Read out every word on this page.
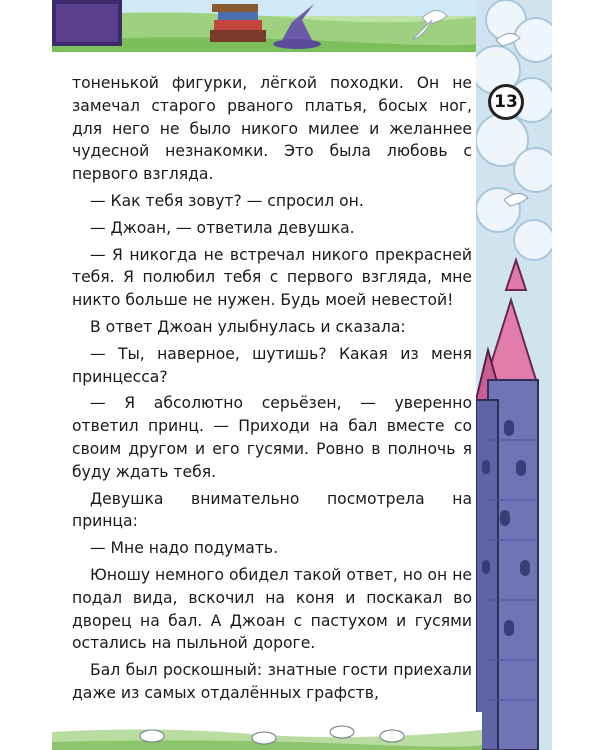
13

тоненькой фигурки, лёгкой походки. Он не замечал старого рваного платья, босых ног, для него не было никого милее и желаннее чудесной незнакомки. Это была любовь с первого взгляда.

— Как тебя зовут? — спросил он.

— Джоан, — ответила девушка.

— Я никогда не встречал никого прекрасней тебя. Я полюбил тебя с первого взгляда, мне никто больше не нужен. Будь моей невестой!

В ответ Джоан улыбнулась и сказала:

— Ты, наверное, шутишь? Какая из меня принцесса?

— Я абсолютно серьёзен, — уверенно ответил принц. — Приходи на бал вместе со своим другом и его гусями. Ровно в полночь я буду ждать тебя.

Девушка внимательно посмотрела на принца:

— Мне надо подумать.

Юношу немного обидел такой ответ, но он не подал вида, вскочил на коня и поскакал во дворец на бал. А Джоан с пастухом и гусями остались на пыльной дороге.

Бал был роскошный: знатные гости приехали даже из самых отдалённых графств,
